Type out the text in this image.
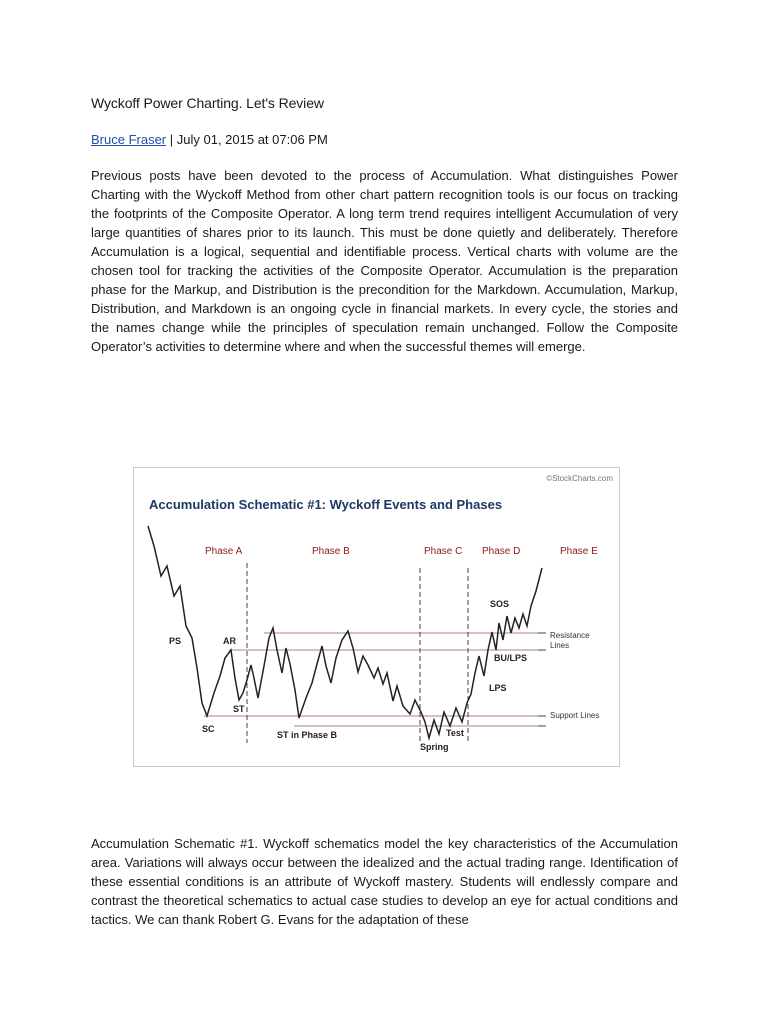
Wyckoff Power Charting. Let's Review
Bruce Fraser | July 01, 2015 at 07:06 PM

Previous posts have been devoted to the process of Accumulation. What distinguishes Power Charting with the Wyckoff Method from other chart pattern recognition tools is our focus on tracking the footprints of the Composite Operator. A long term trend requires intelligent Accumulation of very large quantities of shares prior to its launch. This must be done quietly and deliberately. Therefore Accumulation is a logical, sequential and identifiable process. Vertical charts with volume are the chosen tool for tracking the activities of the Composite Operator. Accumulation is the preparation phase for the Markup, and Distribution is the precondition for the Markdown. Accumulation, Markup, Distribution, and Markdown is an ongoing cycle in financial markets. In every cycle, the stories and the names change while the principles of speculation remain unchanged. Follow the Composite Operator’s activities to determine where and when the successful themes will emerge.

©StockCharts.com
Accumulation Schematic #1: Wyckoff Events and Phases
Phase A	Phase B	Phase C Phase D	Phase E
PS
SC
AR
ST
ST in Phase B
Spring
Test
LPS
BU/LPS
SOS
Resistance Lines
Support Lines

Accumulation Schematic #1. Wyckoff schematics model the key characteristics of the Accumulation area. Variations will always occur between the idealized and the actual trading range. Identification of these essential conditions is an attribute of Wyckoff mastery. Students will endlessly compare and contrast the theoretical schematics to actual case studies to develop an eye for actual conditions and tactics. We can thank Robert G. Evans for the adaptation of these
